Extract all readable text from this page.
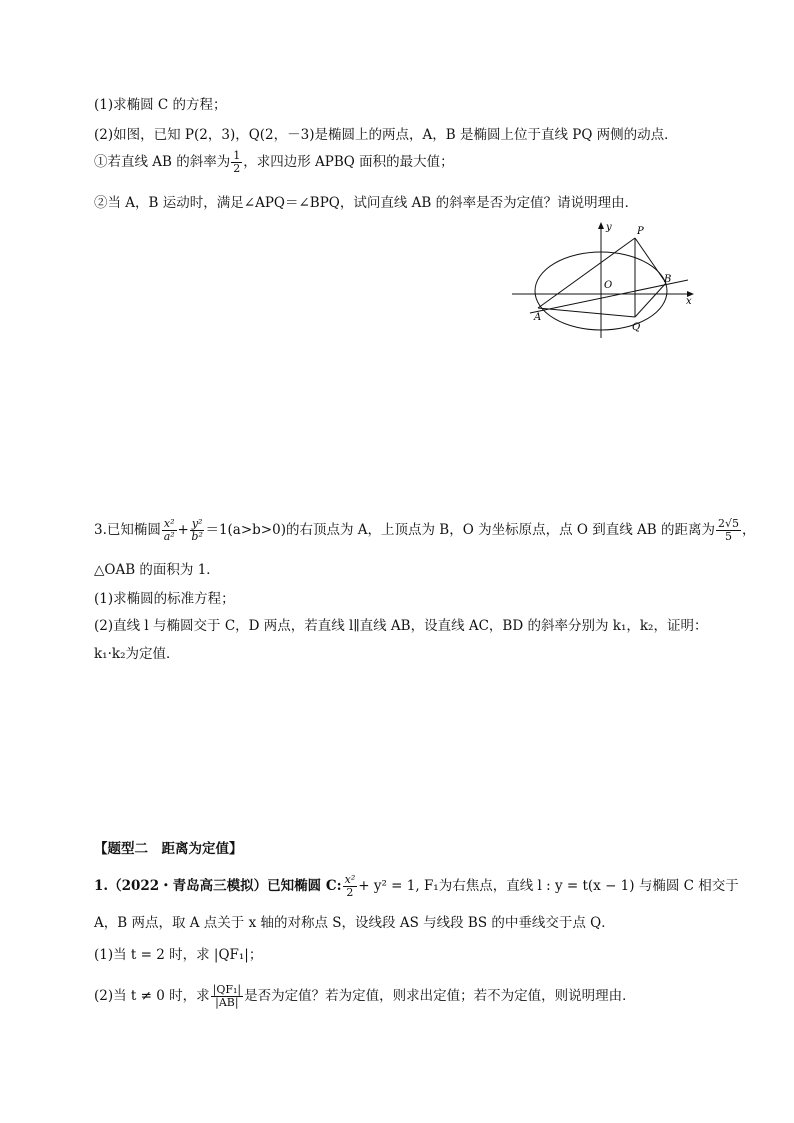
(1)求椭圆 C 的方程；
(2)如图，已知 P(2，3)，Q(2，－3)是椭圆上的两点，A，B 是椭圆上位于直线 PQ 两侧的动点．
①若直线 AB 的斜率为 $\frac{1}{2}$ ，求四边形 APBQ 面积的最大值；
②当 A，B 运动时，满足∠APQ＝∠BPQ，试问直线 AB 的斜率是否为定值？请说明理由．
y
x
O
P
B
A
Q
3.已知椭圆 $\frac{\text{x²}}{\text{a²}} + \frac{\text{y²}}{\text{b²}} =1(a>b>0)$的右顶点为 A，上顶点为 B，O 为坐标原点，点 O 到直线 AB 的距离为 $\frac{2√5}{5}$ ，
△OAB 的面积为 1．
(1)求椭圆的标准方程；
(2)直线 l 与椭圆交于 C，D 两点，若直线 l∥直线 AB，设直线 AC，BD 的斜率分别为 k₁，k₂，证明：
k₁·k₂为定值．
【题型二　距离为定值】
1.（2022・青岛高三模拟）已知椭圆 C: $\frac{\text{x²}}{2} + y^2 = 1$, F₁为右焦点，直线 l : y = t(x − 1) 与椭圆 C 相交于
A，B 两点，取 A 点关于 x 轴的对称点 S，设线段 AS 与线段 BS 的中垂线交于点 Q．
(1)当 t = 2 时，求 |QF₁|；
(2)当 t ≠ 0 时，求 $\frac{\text{|QF₁|}}{|AB|}$ 是否为定值？若为定值，则求出定值；若不为定值，则说明理由．
